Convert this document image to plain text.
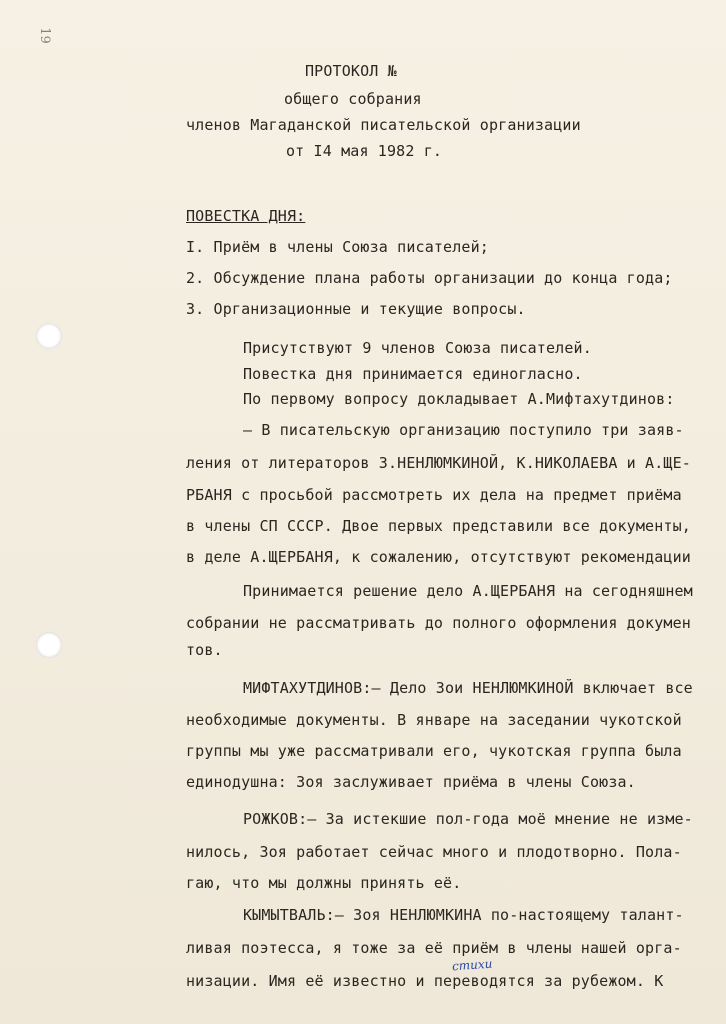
19
ПРОТОКОЛ №
общего собрания
членов Магаданской писательской организации
от I4 мая 1982 г.
ПОВЕСТКА ДНЯ:
I. Приём в члены Союза писателей;
2. Обсуждение плана работы организации до конца года;
3. Организационные и текущие вопросы.
Присутствуют 9 членов Союза писателей.
Повестка дня принимается единогласно.
По первому вопросу докладывает А.Мифтахутдинов:
– В писательскую организацию поступило три заяв-
ления от литераторов З.НЕНЛЮМКИНОЙ, К.НИКОЛАЕВА и А.ЩЕ-
РБАНЯ с просьбой рассмотреть их дела на предмет приёма
в члены СП СССР. Двое первых представили все документы,
в деле А.ЩЕРБАНЯ, к сожалению, отсутствуют рекомендации
Принимается решение дело А.ЩЕРБАНЯ на сегодняшнем
собрании не рассматривать до полного оформления докумен
тов.
МИФТАХУТДИНОВ:– Дело Зои НЕНЛЮМКИНОЙ включает все
необходимые документы. В январе на заседании чукотской
группы мы уже рассматривали его, чукотская группа была
единодушна: Зоя заслуживает приёма в члены Союза.
РОЖКОВ:– За истекшие пол-года моё мнение не изме-
нилось, Зоя работает сейчас много и плодотворно. Пола-
гаю, что мы должны принять её.
КЫМЫТВАЛЬ:– Зоя НЕНЛЮМКИНА по-настоящему талант-
ливая поэтесса, я тоже за её приём в члены нашей орга-
низации. Имя её известно и переводятся за рубежом. К
стихи
